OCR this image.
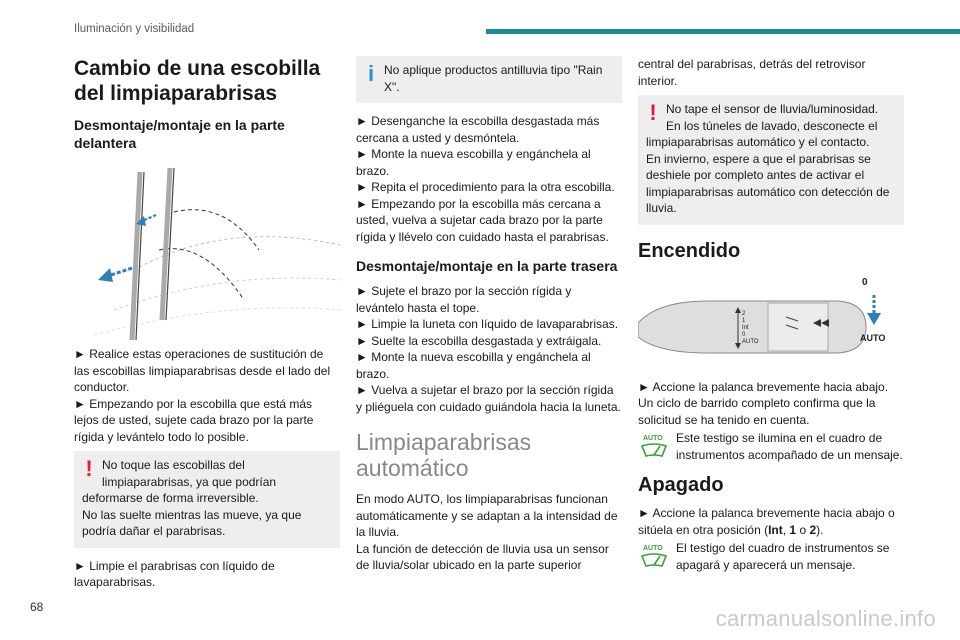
Iluminación y visibilidad
Cambio de una escobilla del limpiaparabrisas
Desmontaje/montaje en la parte delantera

► Realice estas operaciones de sustitución de las escobillas limpiaparabrisas desde el lado del conductor.

► Empezando por la escobilla que está más lejos de usted, sujete cada brazo por la parte rígida y levántelo todo lo posible.

! No toque las escobillas del limpiaparabrisas, ya que podrían deformarse de forma irreversible.
No las suelte mientras las mueve, ya que podría dañar el parabrisas.

► Limpie el parabrisas con líquido de lavaparabrisas.

i No aplique productos antilluvia tipo "Rain X".

► Desenganche la escobilla desgastada más cercana a usted y desmóntela.

► Monte la nueva escobilla y engánchela al brazo.

► Repita el procedimiento para la otra escobilla.

► Empezando por la escobilla más cercana a usted, vuelva a sujetar cada brazo por la parte rígida y llévelo con cuidado hasta el parabrisas.

Desmontaje/montaje en la parte trasera

► Sujete el brazo por la sección rígida y levántelo hasta el tope.

► Limpie la luneta con líquido de lavaparabrisas.

► Suelte la escobilla desgastada y extráigala.

► Monte la nueva escobilla y engánchela al brazo.

► Vuelva a sujetar el brazo por la sección rígida y pliéguela con cuidado guiándola hacia la luneta.

Limpiaparabrisas automático

En modo AUTO, los limpiaparabrisas funcionan automáticamente y se adaptan a la intensidad de la lluvia.

La función de detección de lluvia usa un sensor de lluvia/solar ubicado en la parte superior

central del parabrisas, detrás del retrovisor interior.

! No tape el sensor de lluvia/luminosidad.
En los túneles de lavado, desconecte el limpiaparabrisas automático y el contacto.
En invierno, espere a que el parabrisas se deshiele por completo antes de activar el limpiaparabrisas automático con detección de lluvia.
Encendido
0
2
1
Int
0
AUTO	AUTO

► Accione la palanca brevemente hacia abajo. Un ciclo de barrido completo confirma que la solicitud se ha tenido en cuenta.

AUTO	Este testigo se ilumina en el cuadro de instrumentos acompañado de un mensaje.

Apagado

► Accione la palanca brevemente hacia abajo o sitúela en otra posición (Int, 1 o 2).

AUTO	El testigo del cuadro de instrumentos se apagará y aparecerá un mensaje.

68	carmanualsonline.info
